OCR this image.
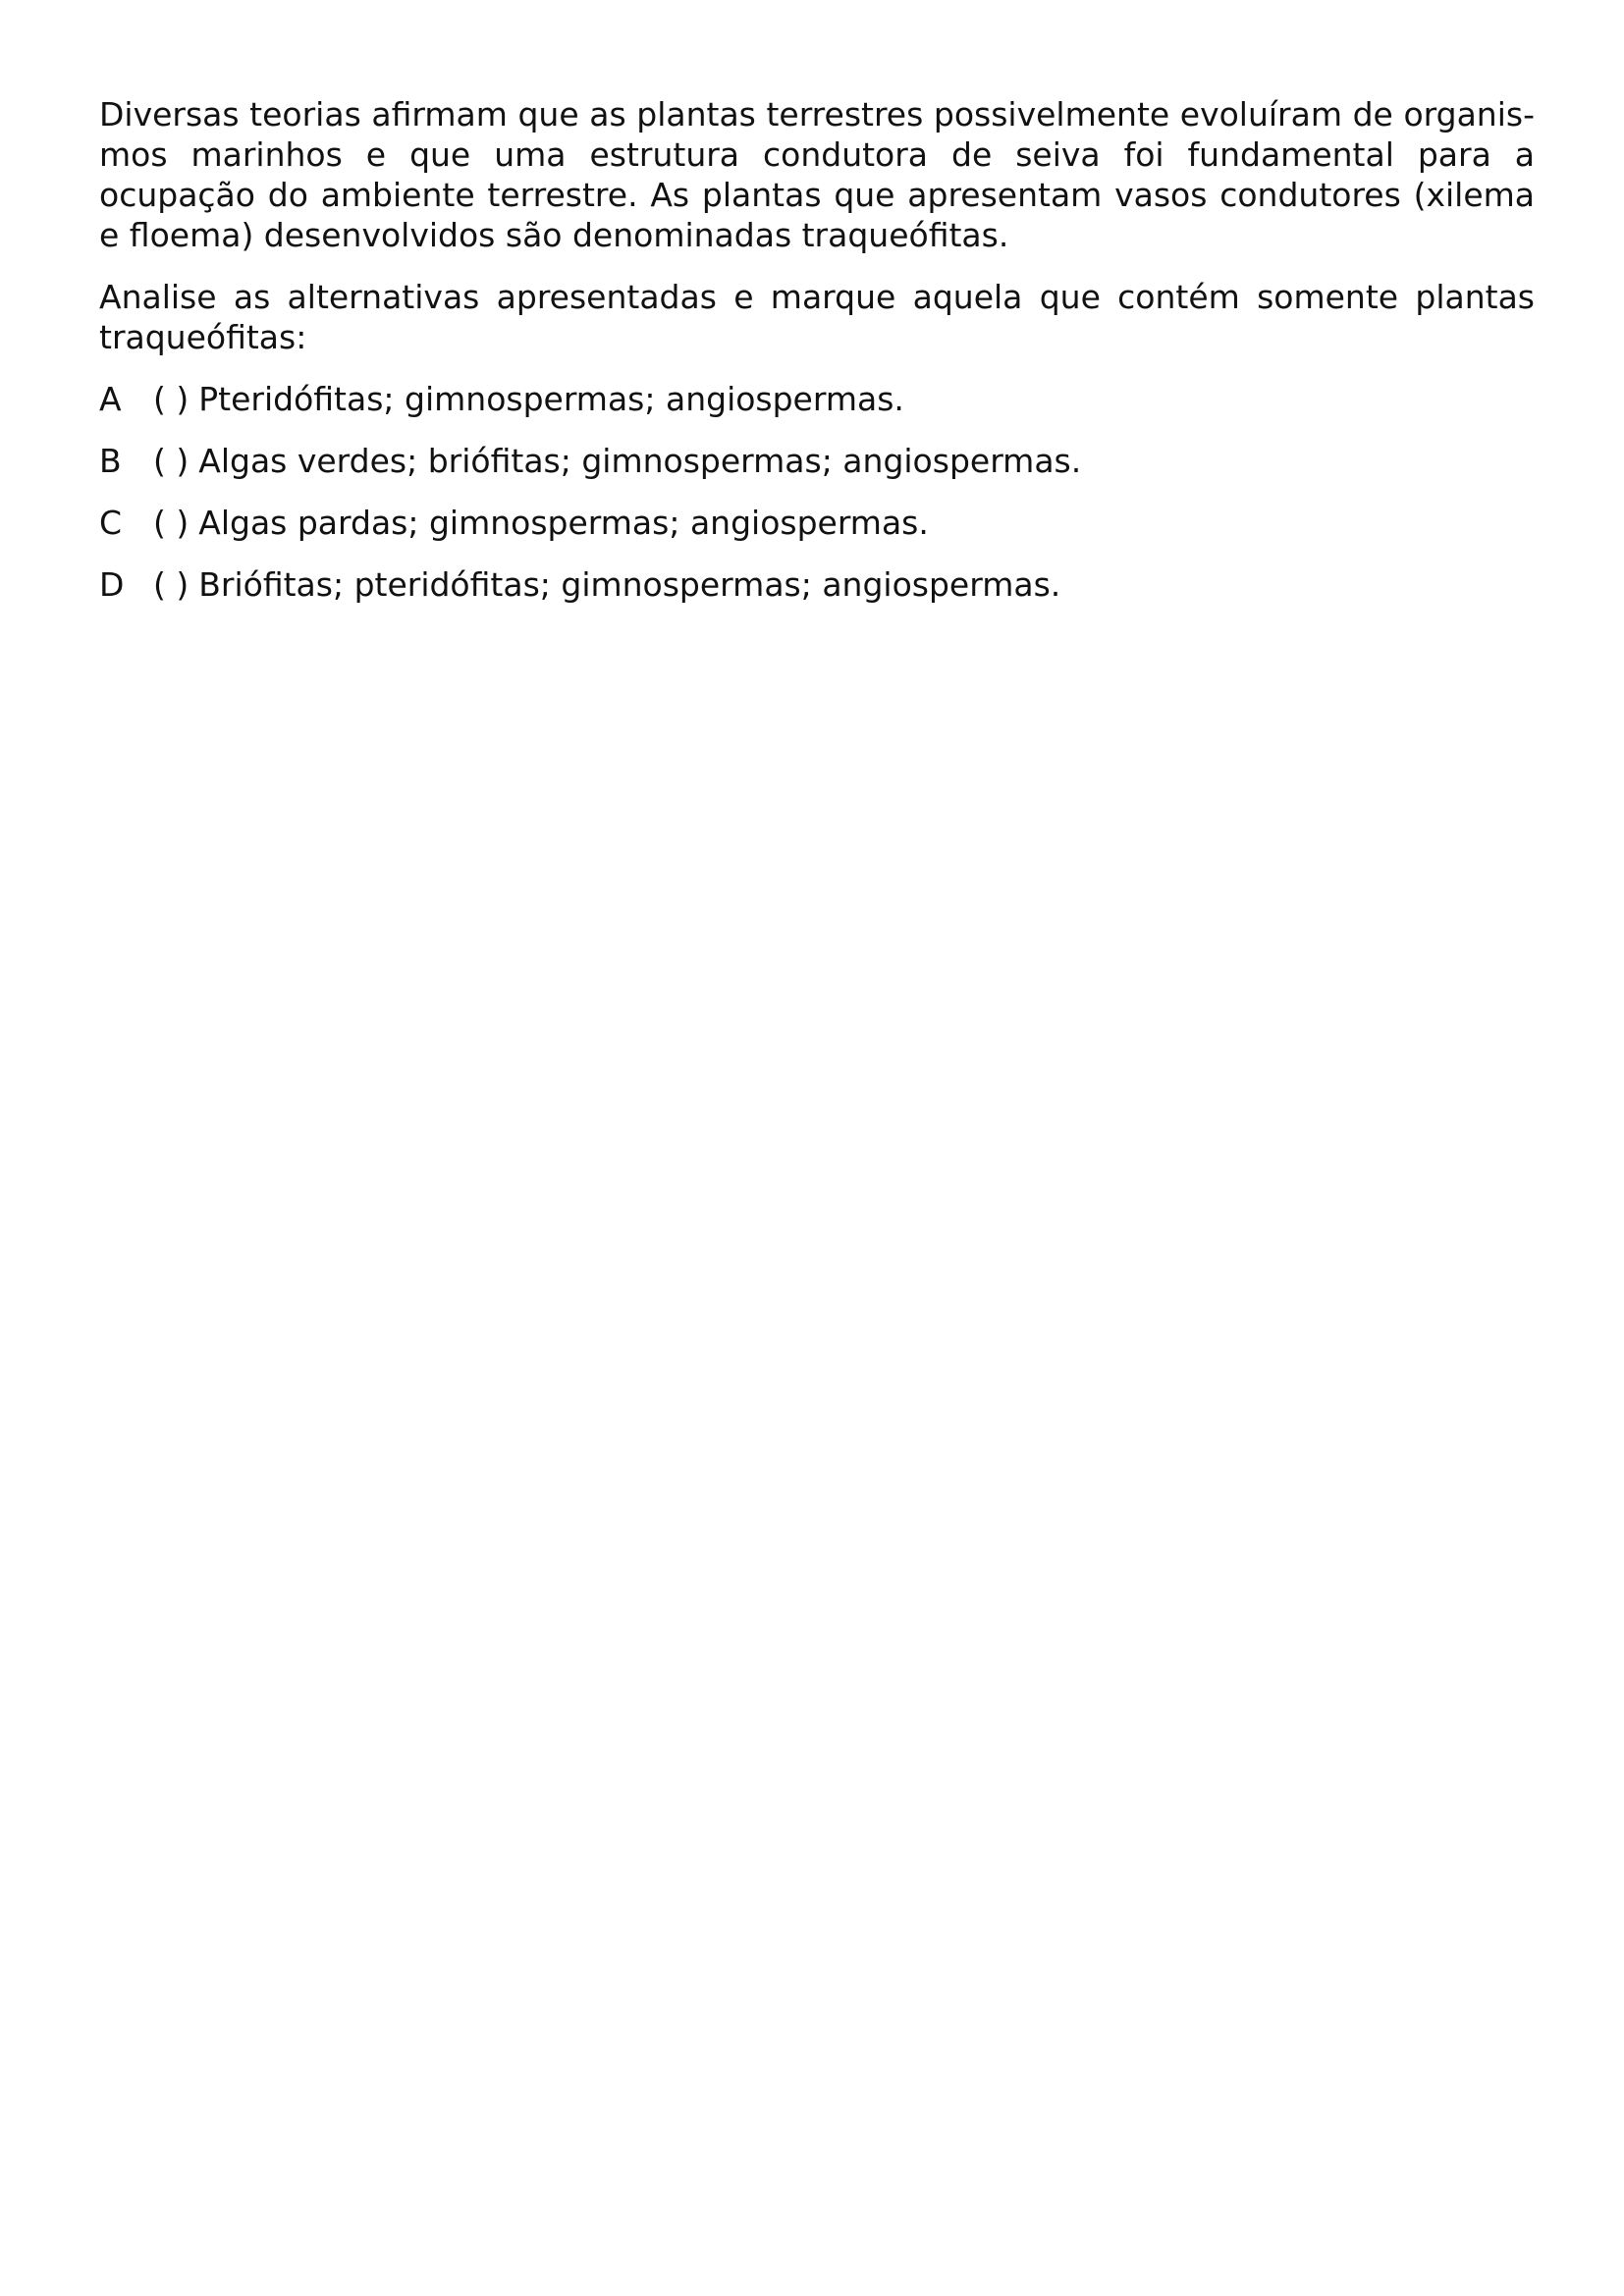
Diversas teorias afirmam que as plantas terrestres possivelmente evoluíram de organismos marinhos e que uma estrutura condutora de seiva foi fundamental para a ocupação do ambiente terrestre. As plantas que apresentam vasos condutores (xilema e floema) desenvolvidos são denominadas traqueófitas.

Analise as alternativas apresentadas e marque aquela que contém somente plantas traqueófitas:

A ( ) Pteridófitas; gimnospermas; angiospermas.
B ( ) Algas verdes; briófitas; gimnospermas; angiospermas.
C ( ) Algas pardas; gimnospermas; angiospermas.
D ( ) Briófitas; pteridófitas; gimnospermas; angiospermas.
